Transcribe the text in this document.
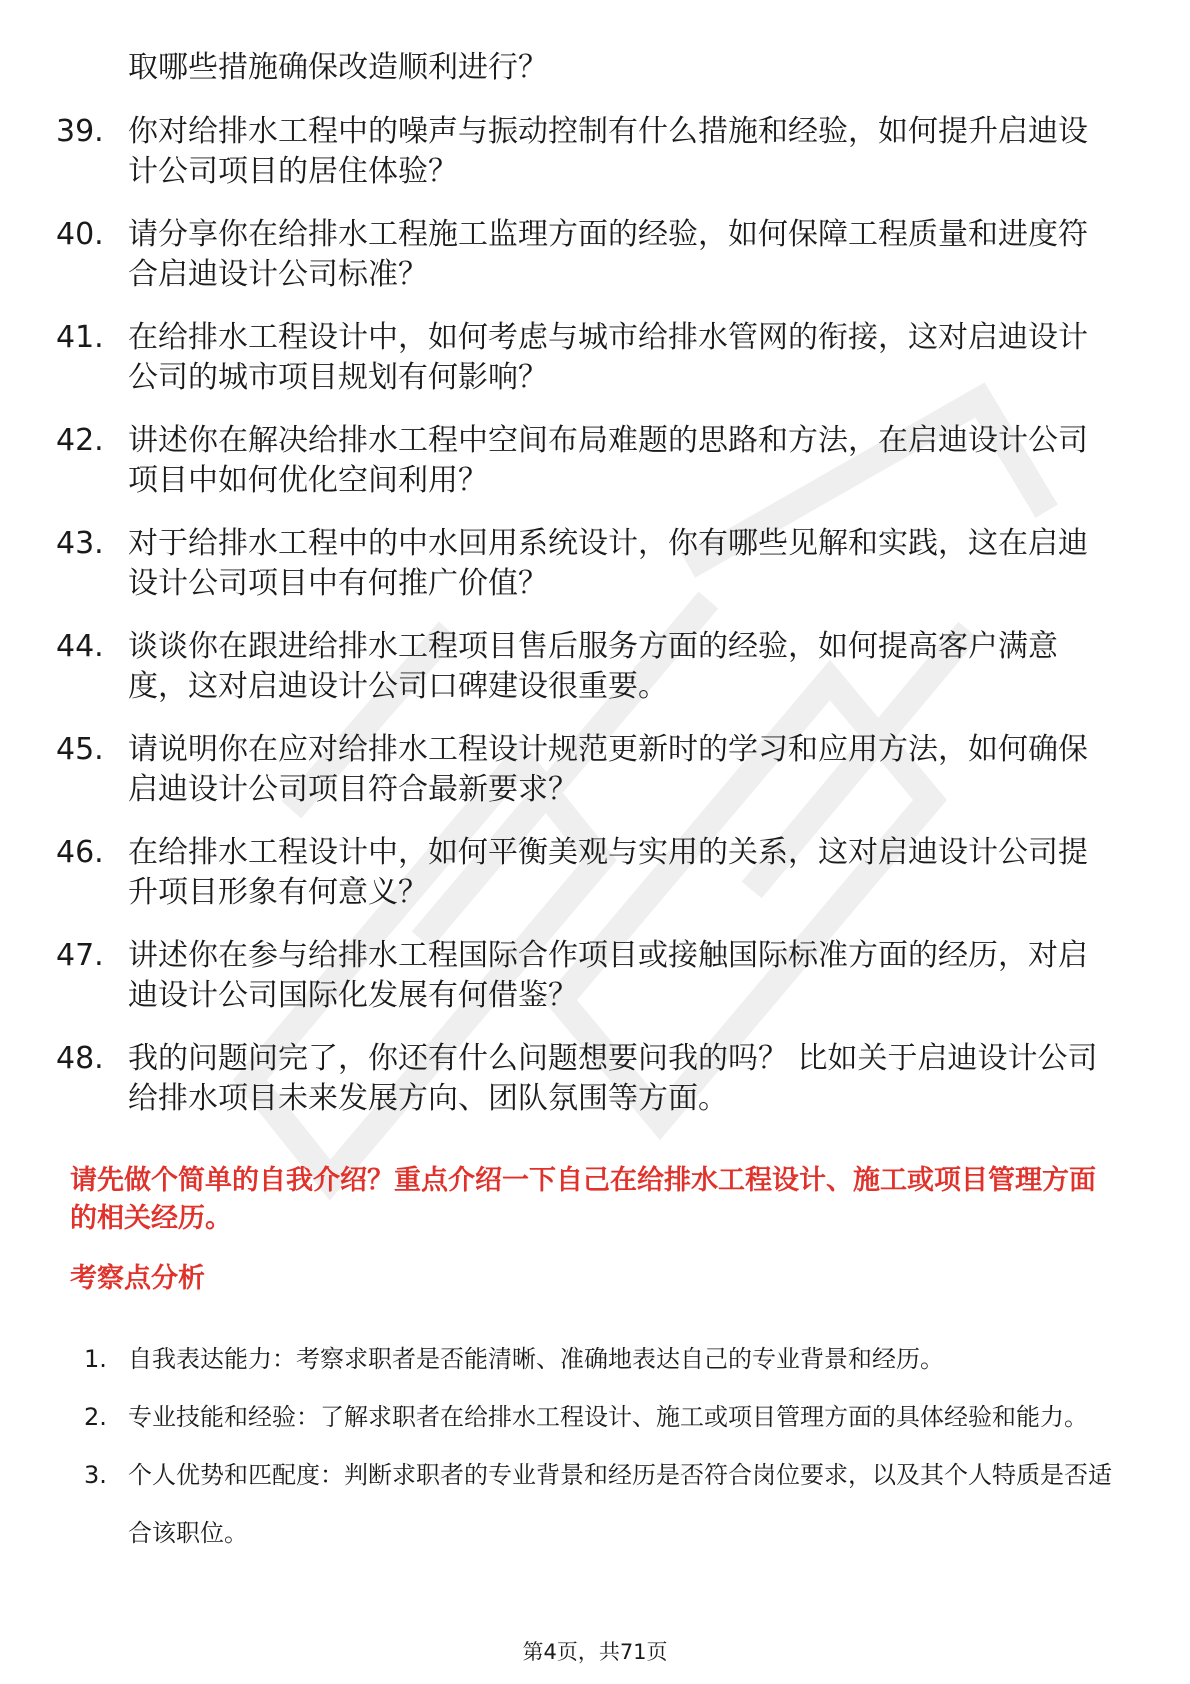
取哪些措施确保改造顺利进行？

39. 你对给排水工程中的噪声与振动控制有什么措施和经验，如何提升启迪设计公司项目的居住体验？
40. 请分享你在给排水工程施工监理方面的经验，如何保障工程质量和进度符合启迪设计公司标准？
41. 在给排水工程设计中，如何考虑与城市给排水管网的衔接，这对启迪设计公司的城市项目规划有何影响？
42. 讲述你在解决给排水工程中空间布局难题的思路和方法，在启迪设计公司项目中如何优化空间利用？
43. 对于给排水工程中的中水回用系统设计，你有哪些见解和实践，这在启迪设计公司项目中有何推广价值？
44. 谈谈你在跟进给排水工程项目售后服务方面的经验，如何提高客户满意度，这对启迪设计公司口碑建设很重要。
45. 请说明你在应对给排水工程设计规范更新时的学习和应用方法，如何确保启迪设计公司项目符合最新要求？
46. 在给排水工程设计中，如何平衡美观与实用的关系，这对启迪设计公司提升项目形象有何意义？
47. 讲述你在参与给排水工程国际合作项目或接触国际标准方面的经历，对启迪设计公司国际化发展有何借鉴？
48. 我的问题问完了，你还有什么问题想要问我的吗？ 比如关于启迪设计公司给排水项目未来发展方向、团队氛围等方面。

请先做个简单的自我介绍？重点介绍一下自己在给排水工程设计、施工或项目管理方面的相关经历。

考察点分析

1. 自我表达能力：考察求职者是否能清晰、准确地表达自己的专业背景和经历。
2. 专业技能和经验：了解求职者在给排水工程设计、施工或项目管理方面的具体经验和能力。
3. 个人优势和匹配度：判断求职者的专业背景和经历是否符合岗位要求，以及其个人特质是否适合该职位。
第4页，共71页
